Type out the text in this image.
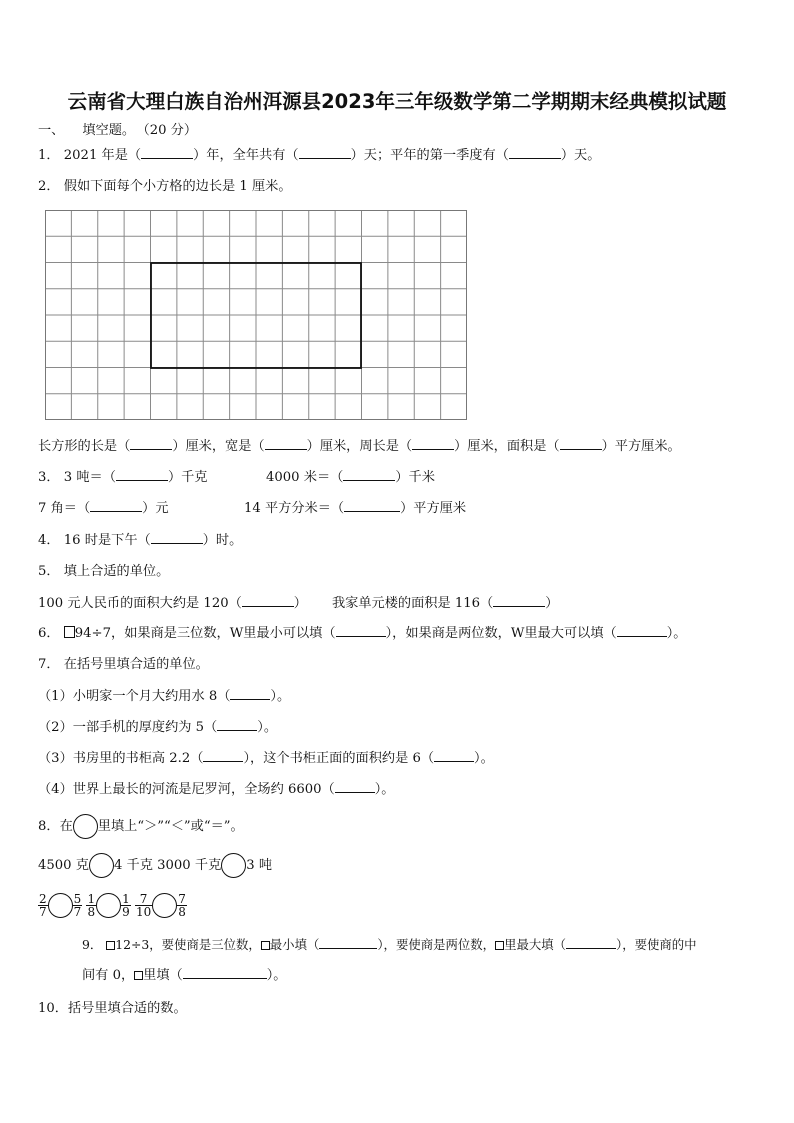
云南省大理白族自治州洱源县2023年三年级数学第二学期期末经典模拟试题
一、 填空题。 （20 分）
1． 2021 年是（	）年，全年共有（	）天；平年的第一季度有（	）天。
2． 假如下面每个小方格的边长是 1 厘米。
长方形的长是（	）厘米，宽是（	）厘米，周长是（	）厘米，面积是（	）平方厘米。
3． 3 吨＝（	）千克	4000 米＝（	）千米
7 角＝（	）元	14 平方分米＝（	）平方厘米
4． 16 时是下午（	）时。
5． 填上合适的单位。
100 元人民币的面积大约是 120（	） 我家单元楼的面积是 116（	）
6． 94÷7，如果商是三位数，W里最小可以填（	），如果商是两位数，W里最大可以填（	）。
7． 在括号里填合适的单位。
（1）小明家一个月大约用水 8（	）。
（2）一部手机的厚度约为 5（	）。
（3）书房里的书柜高 2.2（	），这个书柜正面的面积约是 6（	）。
（4）世界上最长的河流是尼罗河，全场约 6600（	）。
8．在 里填上“＞”“＜”或“＝”。
4500 克 4 千克 3000 千克 3 吨
$\frac{2}{7} \frac{5}{7}$
$\frac{1}{8} \frac{1}{9}$
$\frac{7}{10} \frac{7}{8}$
9． 12÷3，要使商是三位数， 最小填（	），要使商是两位数， 里最大填（	），要使商的中
间有 0， 里填（	）。
10．括号里填合适的数。
